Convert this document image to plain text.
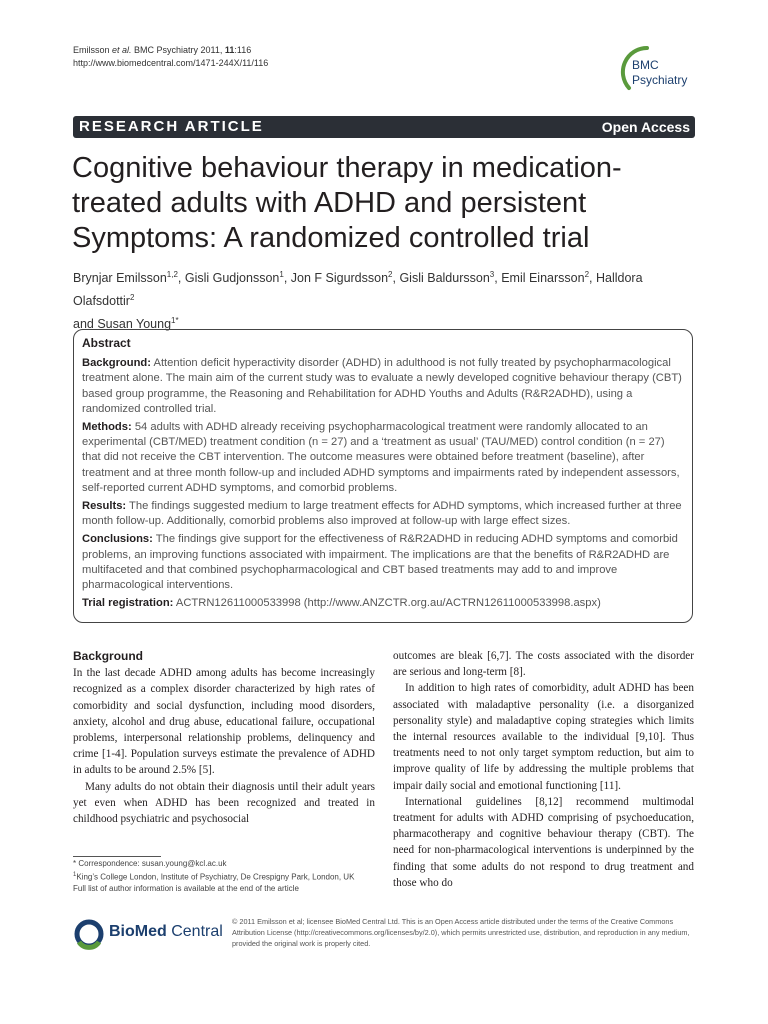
Emilsson et al. BMC Psychiatry 2011, 11:116
http://www.biomedcentral.com/1471-244X/11/116	BMC
Psychiatry
RESEARCH ARTICLE	Open Access
Cognitive behaviour therapy in medication-treated adults with ADHD and persistent Symptoms: A randomized controlled trial
Brynjar Emilsson$^{1,2}$, Gisli Gudjonsson$^1$, Jon F Sigurdsson$^2$, Gisli Baldursson$^3$, Emil Einarsson$^2$, Halldora Olafsdottir$^2$
and Susan Young$^{1*}$
Abstract

Background: Attention deficit hyperactivity disorder (ADHD) in adulthood is not fully treated by psychopharmacological treatment alone. The main aim of the current study was to evaluate a newly developed cognitive behaviour therapy (CBT) based group programme, the Reasoning and Rehabilitation for ADHD Youths and Adults (R&R2ADHD), using a randomized controlled trial.

Methods: 54 adults with ADHD already receiving psychopharmacological treatment were randomly allocated to an experimental (CBT/MED) treatment condition (n = 27) and a ‘treatment as usual’ (TAU/MED) control condition (n = 27) that did not receive the CBT intervention. The outcome measures were obtained before treatment (baseline), after treatment and at three month follow-up and included ADHD symptoms and impairments rated by independent assessors, self-reported current ADHD symptoms, and comorbid problems.

Results: The findings suggested medium to large treatment effects for ADHD symptoms, which increased further at three month follow-up. Additionally, comorbid problems also improved at follow-up with large effect sizes.

Conclusions: The findings give support for the effectiveness of R&R2ADHD in reducing ADHD symptoms and comorbid problems, an improving functions associated with impairment. The implications are that the benefits of R&R2ADHD are multifaceted and that combined psychopharmacological and CBT based treatments may add to and improve pharmacological interventions.

Trial registration: ACTRN12611000533998 (http://www.ANZCTR.org.au/ACTRN12611000533998.aspx)

Background

In the last decade ADHD among adults has become increasingly recognized as a complex disorder characterized by high rates of comorbidity and social dysfunction, including mood disorders, anxiety, alcohol and drug abuse, educational failure, occupational problems, interpersonal relationship problems, delinquency and crime [1-4]. Population surveys estimate the prevalence of ADHD in adults to be around 2.5% [5].

Many adults do not obtain their diagnosis until their adult years yet even when ADHD has been recognized and treated in childhood psychiatric and psychosocial

outcomes are bleak [6,7]. The costs associated with the disorder are serious and long-term [8].

In addition to high rates of comorbidity, adult ADHD has been associated with maladaptive personality (i.e. a disorganized personality style) and maladaptive coping strategies which limits the internal resources available to the individual [9,10]. Thus treatments need to not only target symptom reduction, but aim to improve quality of life by addressing the multiple problems that impair daily social and emotional functioning [11].

International guidelines [8,12] recommend multimodal treatment for adults with ADHD comprising of psychoeducation, pharmacotherapy and cognitive behaviour therapy (CBT). The need for non-pharmacological interventions is underpinned by the finding that some adults do not respond to drug treatment and those who do

* Correspondence: susan.young@kcl.ac.uk
$^1$King’s College London, Institute of Psychiatry, De Crespigny Park, London, UK
Full list of author information is available at the end of the article
BioMed Central
© 2011 Emilsson et al; licensee BioMed Central Ltd. This is an Open Access article distributed under the terms of the Creative Commons Attribution License (http://creativecommons.org/licenses/by/2.0), which permits unrestricted use, distribution, and reproduction in any medium, provided the original work is properly cited.
